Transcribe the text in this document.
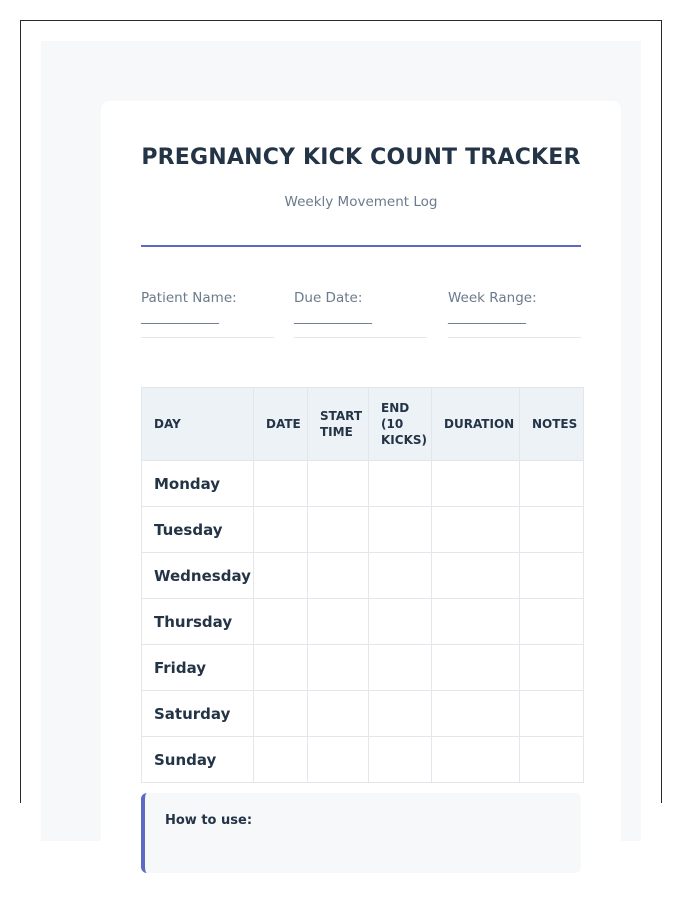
PREGNANCY KICK COUNT TRACKER
Weekly Movement Log
Patient Name:
______________
Due Date:
______________
Week Range:
______________
DAY	DATE	START TIME	END (10 KICKS)	DURATION	NOTES
Monday					
Tuesday					
Wednesday					
Thursday					
Friday					
Saturday					
Sunday					
How to use:
